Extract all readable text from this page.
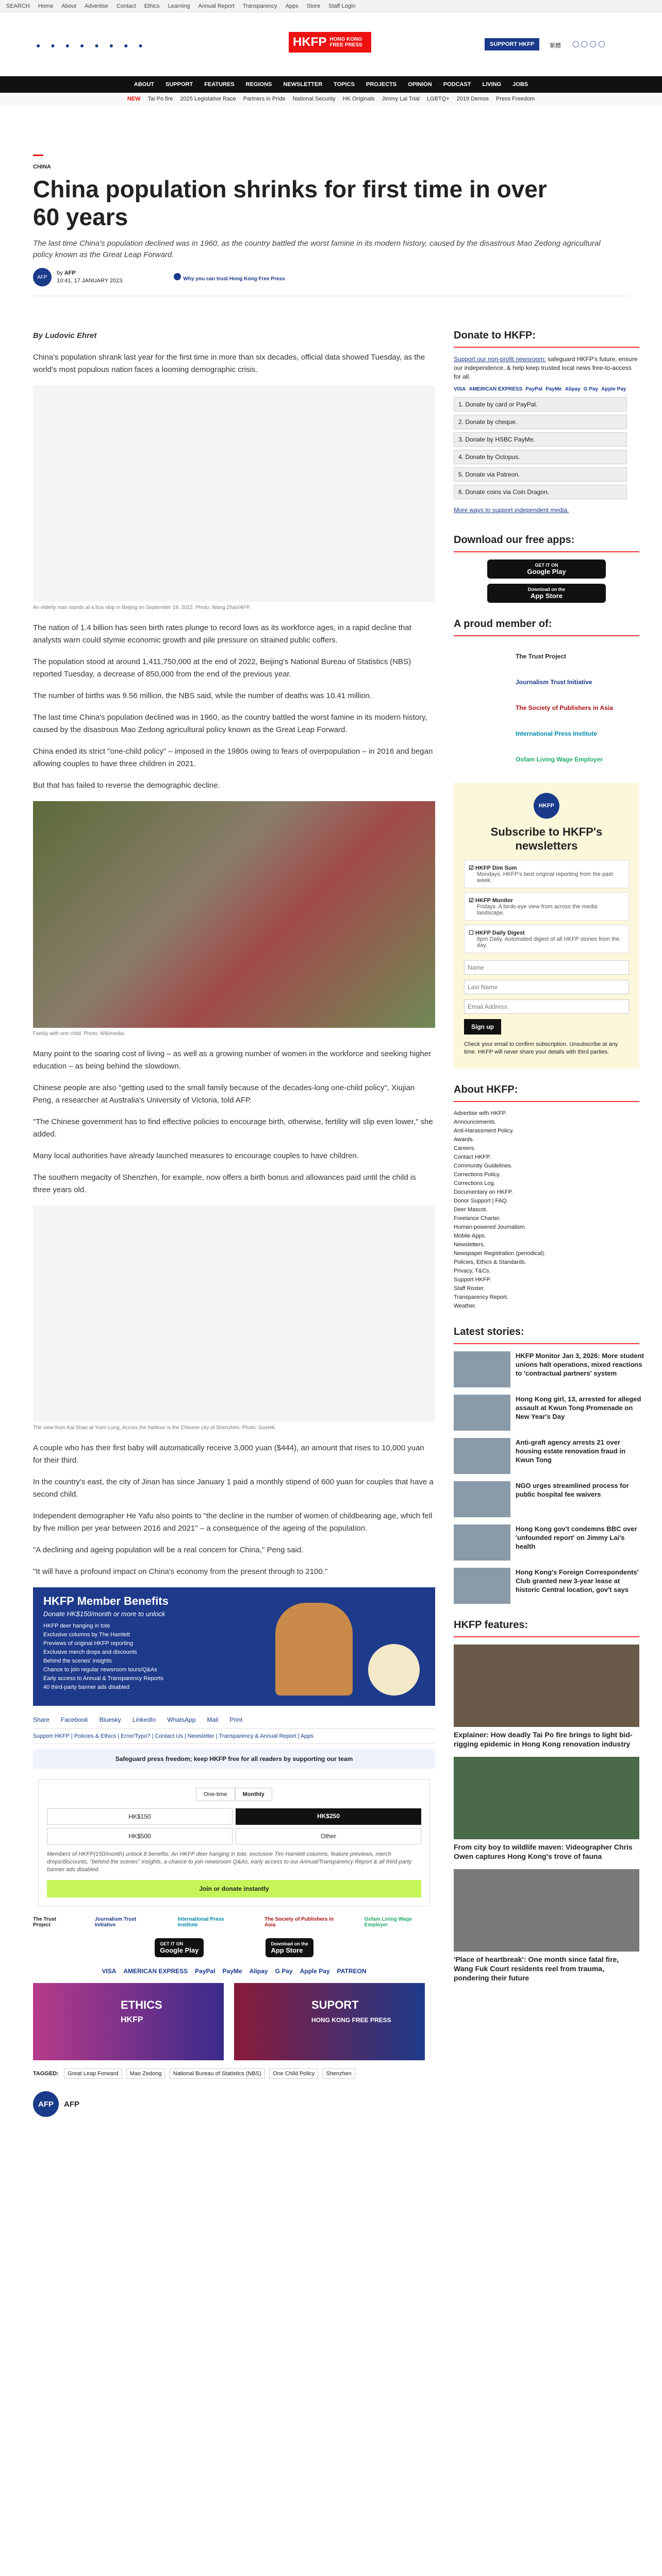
SEARCH Home About Advertise Contact Ethics Learning Annual Report Transparency Apps Store Staff Login
● ● ● ● ● ● ● ●	HKFP HONG KONG
FREE PRESS	SUPPORT HKFP	繁體 ◯ ◯ ◯ ◯
ABOUT SUPPORT FEATURES REGIONS NEWSLETTER TOPICS PROJECTS OPINION PODCAST LIVING JOBS
NEW Tai Po fire 2025 Legislative Race Partners in Pride National Security HK Originals Jimmy Lai Trial LGBTQ+ 2019 Demos Press Freedom
CHINA
China population shrinks for first time in over 60 years

The last time China's population declined was in 1960, as the country battled the worst famine in its modern history, caused by the disastrous Mao Zedong agricultural policy known as the Great Leap Forward.

AFP
by AFP
10:41, 17 JANUARY 2023	Why you can trust Hong Kong Free Press

By Ludovic Ehret

China's population shrank last year for the first time in more than six decades, official data showed Tuesday, as the world's most populous nation faces a looming demographic crisis.

An elderly man stands at a bus stop in Beijing on September 19, 2022. Photo: Wang Zhao/AFP.

The nation of 1.4 billion has seen birth rates plunge to record lows as its workforce ages, in a rapid decline that analysts warn could stymie economic growth and pile pressure on strained public coffers.

The population stood at around 1,411,750,000 at the end of 2022, Beijing's National Bureau of Statistics (NBS) reported Tuesday, a decrease of 850,000 from the end of the previous year.

The number of births was 9.56 million, the NBS said, while the number of deaths was 10.41 million.

The last time China's population declined was in 1960, as the country battled the worst famine in its modern history, caused by the disastrous Mao Zedong agricultural policy known as the Great Leap Forward.

China ended its strict "one-child policy" – imposed in the 1980s owing to fears of overpopulation – in 2016 and began allowing couples to have three children in 2021.

But that has failed to reverse the demographic decline.

Family with one child. Photo: Wikimedia.

Many point to the soaring cost of living – as well as a growing number of women in the workforce and seeking higher education – as being behind the slowdown.

Chinese people are also "getting used to the small family because of the decades-long one-child policy", Xiujian Peng, a researcher at Australia's University of Victoria, told AFP.

"The Chinese government has to find effective policies to encourage birth, otherwise, fertility will slip even lower," she added.

Many local authorities have already launched measures to encourage couples to have children.

The southern megacity of Shenzhen, for example, now offers a birth bonus and allowances paid until the child is three years old.

The view from Kai Shan at Yuen Long, Across the harbour is the Chinese city of Shenzhen. Photo: GovHK.

A couple who has their first baby will automatically receive 3,000 yuan ($444), an amount that rises to 10,000 yuan for their third.

In the country's east, the city of Jinan has since January 1 paid a monthly stipend of 600 yuan for couples that have a second child.

Independent demographer He Yafu also points to "the decline in the number of women of childbearing age, which fell by five million per year between 2016 and 2021" – a consequence of the ageing of the population.

"A declining and ageing population will be a real concern for China," Peng said.

"It will have a profound impact on China's economy from the present through to 2100."

HKFP Member Benefits
Donate HK$150/month or more to unlock
HKFP deer hanging in tote
Exclusive columns by The Hamlett
Previews of original HKFP reporting
Exclusive merch drops and discounts
Behind the scenes' insights
Chance to join regular newsroom tours/Q&As
Early access to Annual & Transparency Reports
40 third-party banner ads disabled
Share Facebook Bluesky LinkedIn WhatsApp Mail Print
Support HKFP | Policies & Ethics | Error/Typo? | Contact Us | Newsletter | Transparency & Annual Report | Apps
Safeguard press freedom; keep HKFP free for all readers by supporting our team
One-time	Monthly
HK$150	HK$250
HK$500	Other
Members of HKFP(150/month) unlock 8 benefits: An HKFP deer hanging in tote, exclusive Tim Hamlett columns, feature previews, merch drops/discounts, "behind the scenes" insights, a chance to join newsroom Q&As, early access to our Annual/Transparency Report & all third-party banner ads disabled.
Join or donate instantly
The Trust Project
Journalism Trust Initiative
International Press Institute
The Society of Publishers in Asia
Oxfam Living Wage Employer
GET IT ON
Google Play
Download on the
App Store
VISA AMERICAN EXPRESS PayPal PayMe Alipay G Pay Apple Pay PATREON
ETHICS
HKFP
SUPORT
HONG KONG FREE PRESS
TAGGED: Great Leap Forward Mao Zedong National Bureau of Statistics (NBS) One Child Policy Shenzhen
AFP	AFP
Donate to HKFP:
Support our non-profit newsroom: safeguard HKFP's future, ensure our independence, & help keep trusted local news free-to-access for all.
VISA AMERICAN EXPRESS PayPal PayMe Alipay G Pay Apple Pay
1. Donate by card or PayPal.
2. Donate by cheque.
3. Donate by HSBC PayMe.
4. Donate by Octopus.
5. Donate via Patreon.
6. Donate coins via Coin Dragon.
More ways to support independent media.
Download our free apps:
GET IT ON
Google Play
Download on the
App Store
A proud member of:
The Trust Project
Journalism Trust Initiative
The Society of Publishers in Asia
International Press Institute
Oxfam Living Wage Employer
HKFP
Subscribe to HKFP's newsletters
☑ HKFP Dim Sum
Mondays. HKFP's best original reporting from the past week.
☑ HKFP Monitor
Fridays. A birds-eye view from across the media landscape.
☐ HKFP Daily Digest
6pm Daily. Automated digest of all HKFP stories from the day.
Name Last Name Email Address Sign up
Check your email to confirm subscription. Unsubscribe at any time. HKFP will never share your details with third parties.
About HKFP:
Advertise with HKFP.
Announcements.
Anti-Harassment Policy.
Awards.
Careers.
Contact HKFP.
Community Guidelines.
Corrections Policy.
Corrections Log.
Documentary on HKFP.
Donor Support | FAQ.
Deer Mascot.
Freelance Charter.
Human-powered Journalism.
Mobile Apps.
Newsletters.
Newspaper Registration (periodical).
Policies, Ethics & Standards.
Privacy, T&Cs.
Support HKFP.
Staff Roster.
Transparency Report.
Weather.
Latest stories:
HKFP Monitor Jan 3, 2026: More student unions halt operations, mixed reactions to 'contractual partners' system
Hong Kong girl, 13, arrested for alleged assault at Kwun Tong Promenade on New Year's Day
Anti-graft agency arrests 21 over housing estate renovation fraud in Kwun Tong
NGO urges streamlined process for public hospital fee waivers
Hong Kong gov't condemns BBC over 'unfounded report' on Jimmy Lai's health
Hong Kong's Foreign Correspondents' Club granted new 3-year lease at historic Central location, gov't says
HKFP features:
Explainer: How deadly Tai Po fire brings to light bid-rigging epidemic in Hong Kong renovation industry
From city boy to wildlife maven: Videographer Chris Owen captures Hong Kong's trove of fauna
'Place of heartbreak': One month since fatal fire, Wang Fuk Court residents reel from trauma, pondering their future
